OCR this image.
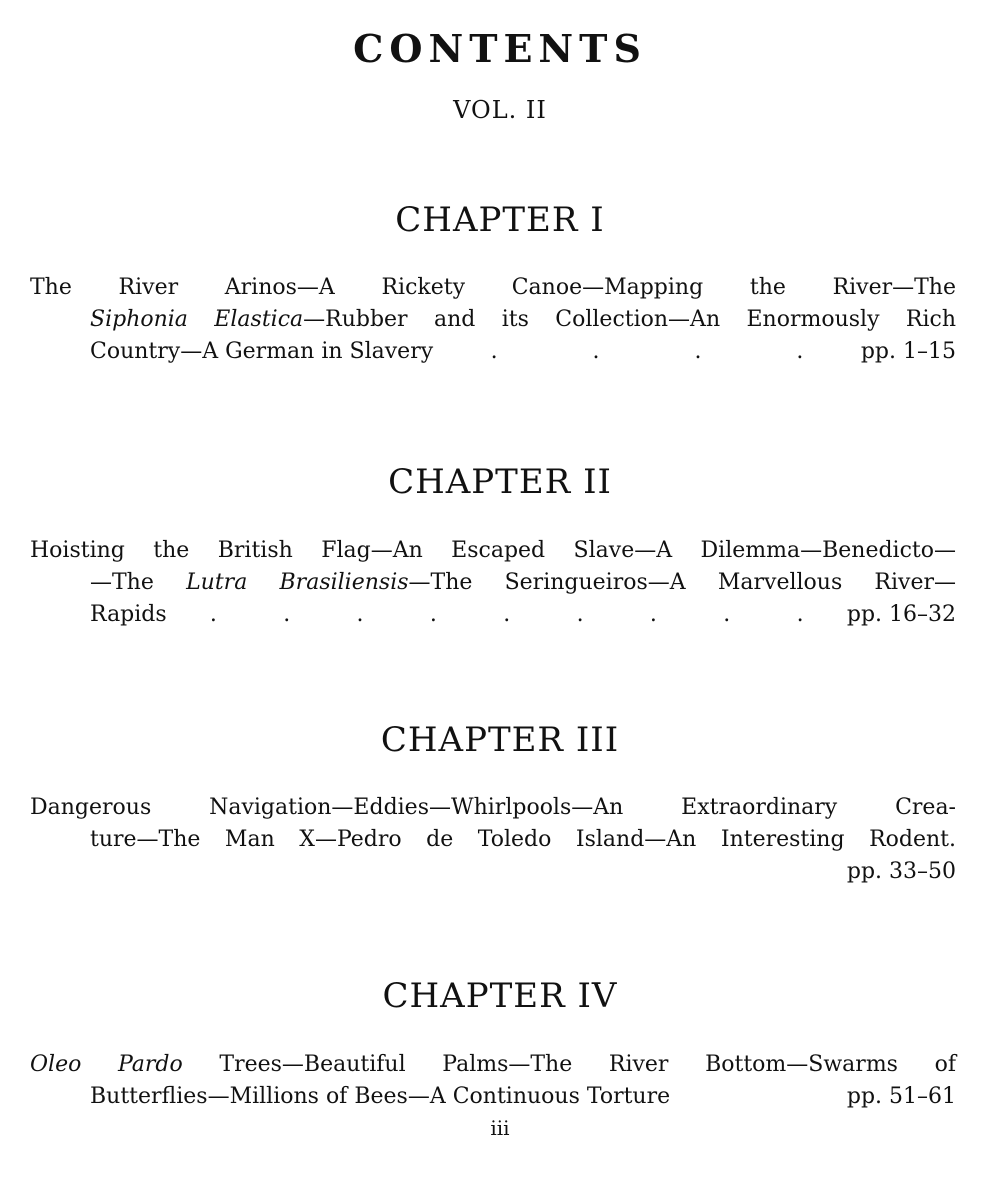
CONTENTS
VOL. II
CHAPTER I
The River Arinos—A Rickety Canoe—Mapping the River—The
Siphonia Elastica—Rubber and its Collection—An Enormously Rich
Country—A German in Slavery	.	.	.	.	pp. 1–15
CHAPTER II
Hoisting the British Flag—An Escaped Slave—A Dilemma—Benedicto—
—The Lutra Brasiliensis—The Seringueiros—A Marvellous River—
Rapids .	.	.	.	.	.	.	.	. pp. 16–32
CHAPTER III
Dangerous Navigation—Eddies—Whirlpools—An Extraordinary Crea-
ture—The Man X—Pedro de Toledo Island—An Interesting Rodent.
pp. 33–50
CHAPTER IV
Oleo Pardo Trees—Beautiful Palms—The River Bottom—Swarms of
Butterflies—Millions of Bees—A Continuous Torture	pp. 51–61
iii
